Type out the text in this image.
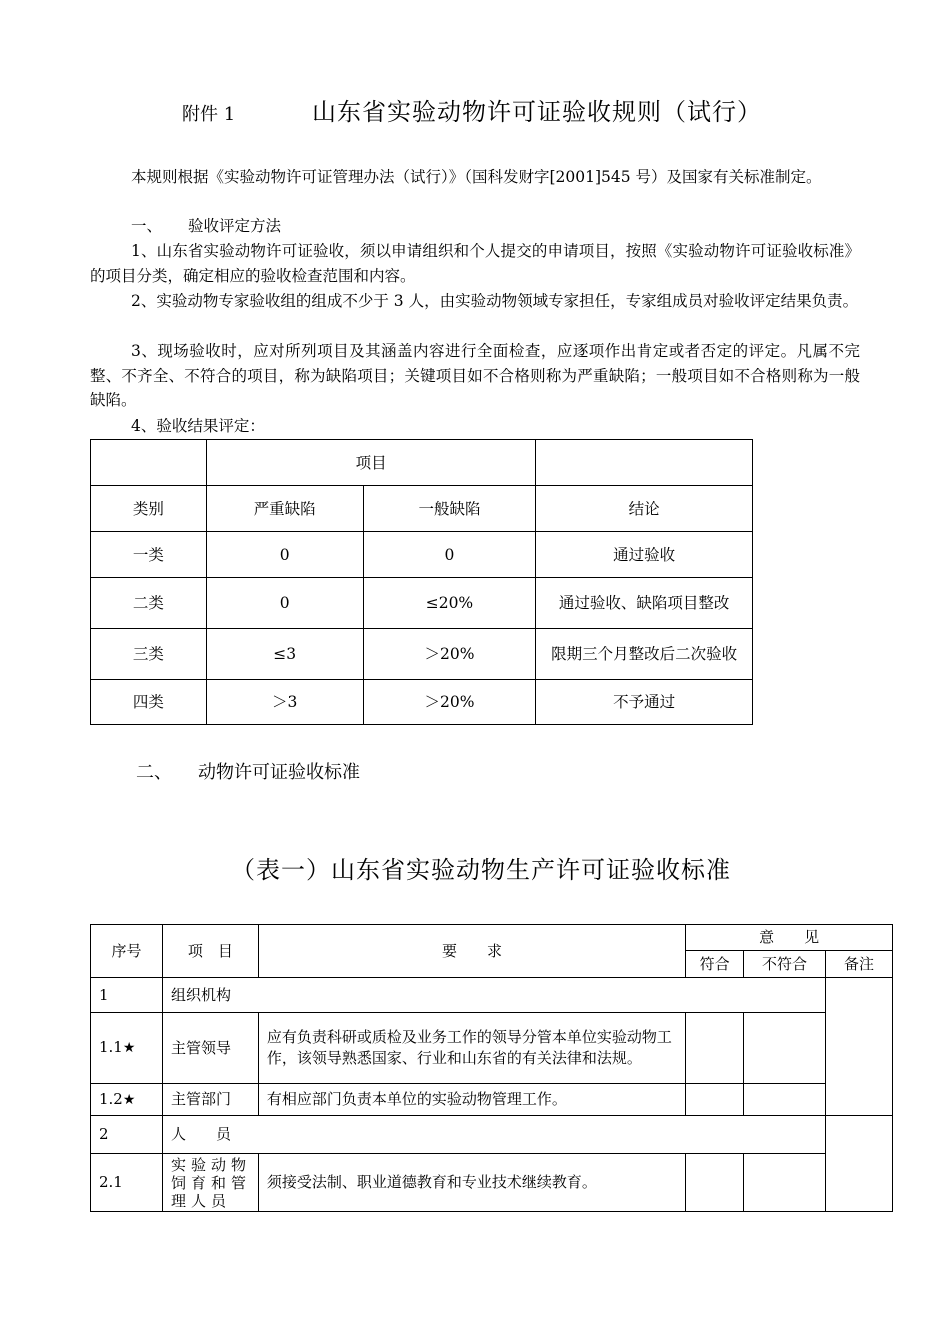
附件 1	山东省实验动物许可证验收规则（试行）
本规则根据《实验动物许可证管理办法（试行）》（国科发财字[2001]545 号）及国家有关标准制定。
一、 验收评定方法
1、山东省实验动物许可证验收，须以申请组织和个人提交的申请项目，按照《实验动物许可证验收标准》的项目分类，确定相应的验收检查范围和内容。
2、实验动物专家验收组的组成不少于 3 人，由实验动物领域专家担任，专家组成员对验收评定结果负责。
3、现场验收时，应对所列项目及其涵盖内容进行全面检查，应逐项作出肯定或者否定的评定。凡属不完整、不齐全、不符合的项目，称为缺陷项目；关键项目如不合格则称为严重缺陷；一般项目如不合格则称为一般缺陷。
4、验收结果评定：
	项目		
类别	严重缺陷	一般缺陷	结论
一类	0	0	通过验收
二类	0	≤20%	通过验收、缺陷项目整改
三类	≤3	＞20%	限期三个月整改后二次验收
四类	＞3	＞20%	不予通过
二、 动物许可证验收标准
（表一）山东省实验动物生产许可证验收标准
序号	项　目	要　　求	意　　见		
			符合	不符合	备注
1	组织机构				
1.1★	主管领导	应有负责科研或质检及业务工作的领导分管本单位实验动物工作，该领导熟悉国家、行业和山东省的有关法律和法规。			
1.2★	主管部门	有相应部门负责本单位的实验动物管理工作。			
2	人　　员				
2.1	实验动物饲育和管理人员	须接受法制、职业道德教育和专业技术继续教育。			
